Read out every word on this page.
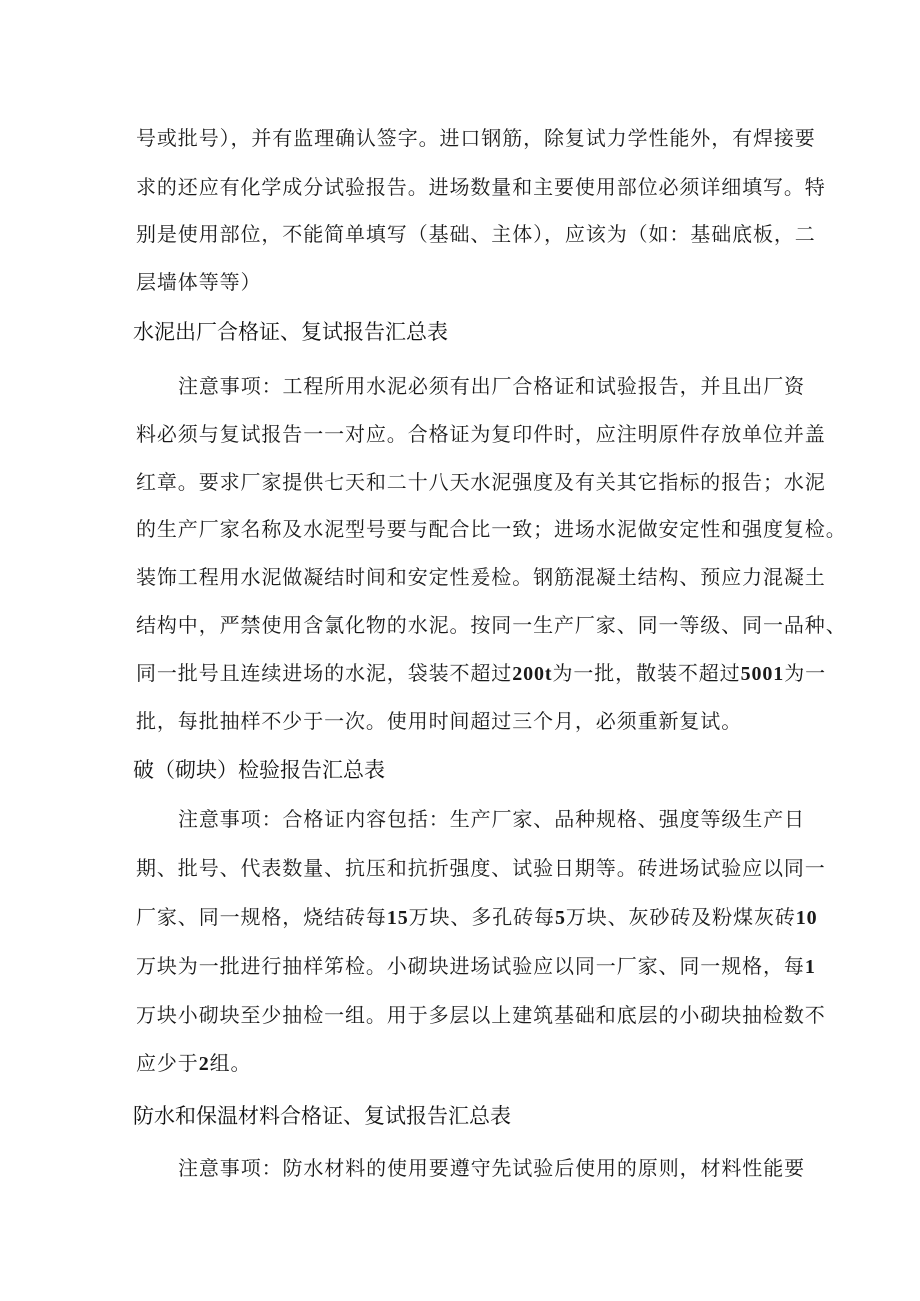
号或批号），并有监理确认签字。进口钢筋，除复试力学性能外，有焊接要
求的还应有化学成分试验报告。进场数量和主要使用部位必须详细填写。特
别是使用部位，不能简单填写（基础、主体），应该为（如：基础底板，二
层墙体等等）
水泥出厂合格证、复试报告汇总表
注意事项：工程所用水泥必须有出厂合格证和试验报告，并且出厂资
料必须与复试报告一一对应。合格证为复印件时，应注明原件存放单位并盖
红章。要求厂家提供七天和二十八天水泥强度及有关其它指标的报告；水泥
的生产厂家名称及水泥型号要与配合比一致；进场水泥做安定性和强度复检。
装饰工程用水泥做凝结时间和安定性爰检。钢筋混凝土结构、预应力混凝土
结构中，严禁使用含氯化物的水泥。按同一生产厂家、同一等级、同一品种、
同一批号且连续进场的水泥，袋装不超过200t为一批，散装不超过5001为一
批，每批抽样不少于一次。使用时间超过三个月，必须重新复试。
破（砌块）检验报告汇总表
注意事项：合格证内容包括：生产厂家、品种规格、强度等级生产日
期、批号、代表数量、抗压和抗折强度、试验日期等。砖进场试验应以同一
厂家、同一规格，烧结砖每15万块、多孔砖每5万块、灰砂砖及粉煤灰砖10
万块为一批进行抽样笫检。小砌块进场试验应以同一厂家、同一规格，每1
万块小砌块至少抽检一组。用于多层以上建筑基础和底层的小砌块抽检数不
应少于2组。
防水和保温材料合格证、复试报告汇总表
注意事项：防水材料的使用要遵守先试验后使用的原则，材料性能要
